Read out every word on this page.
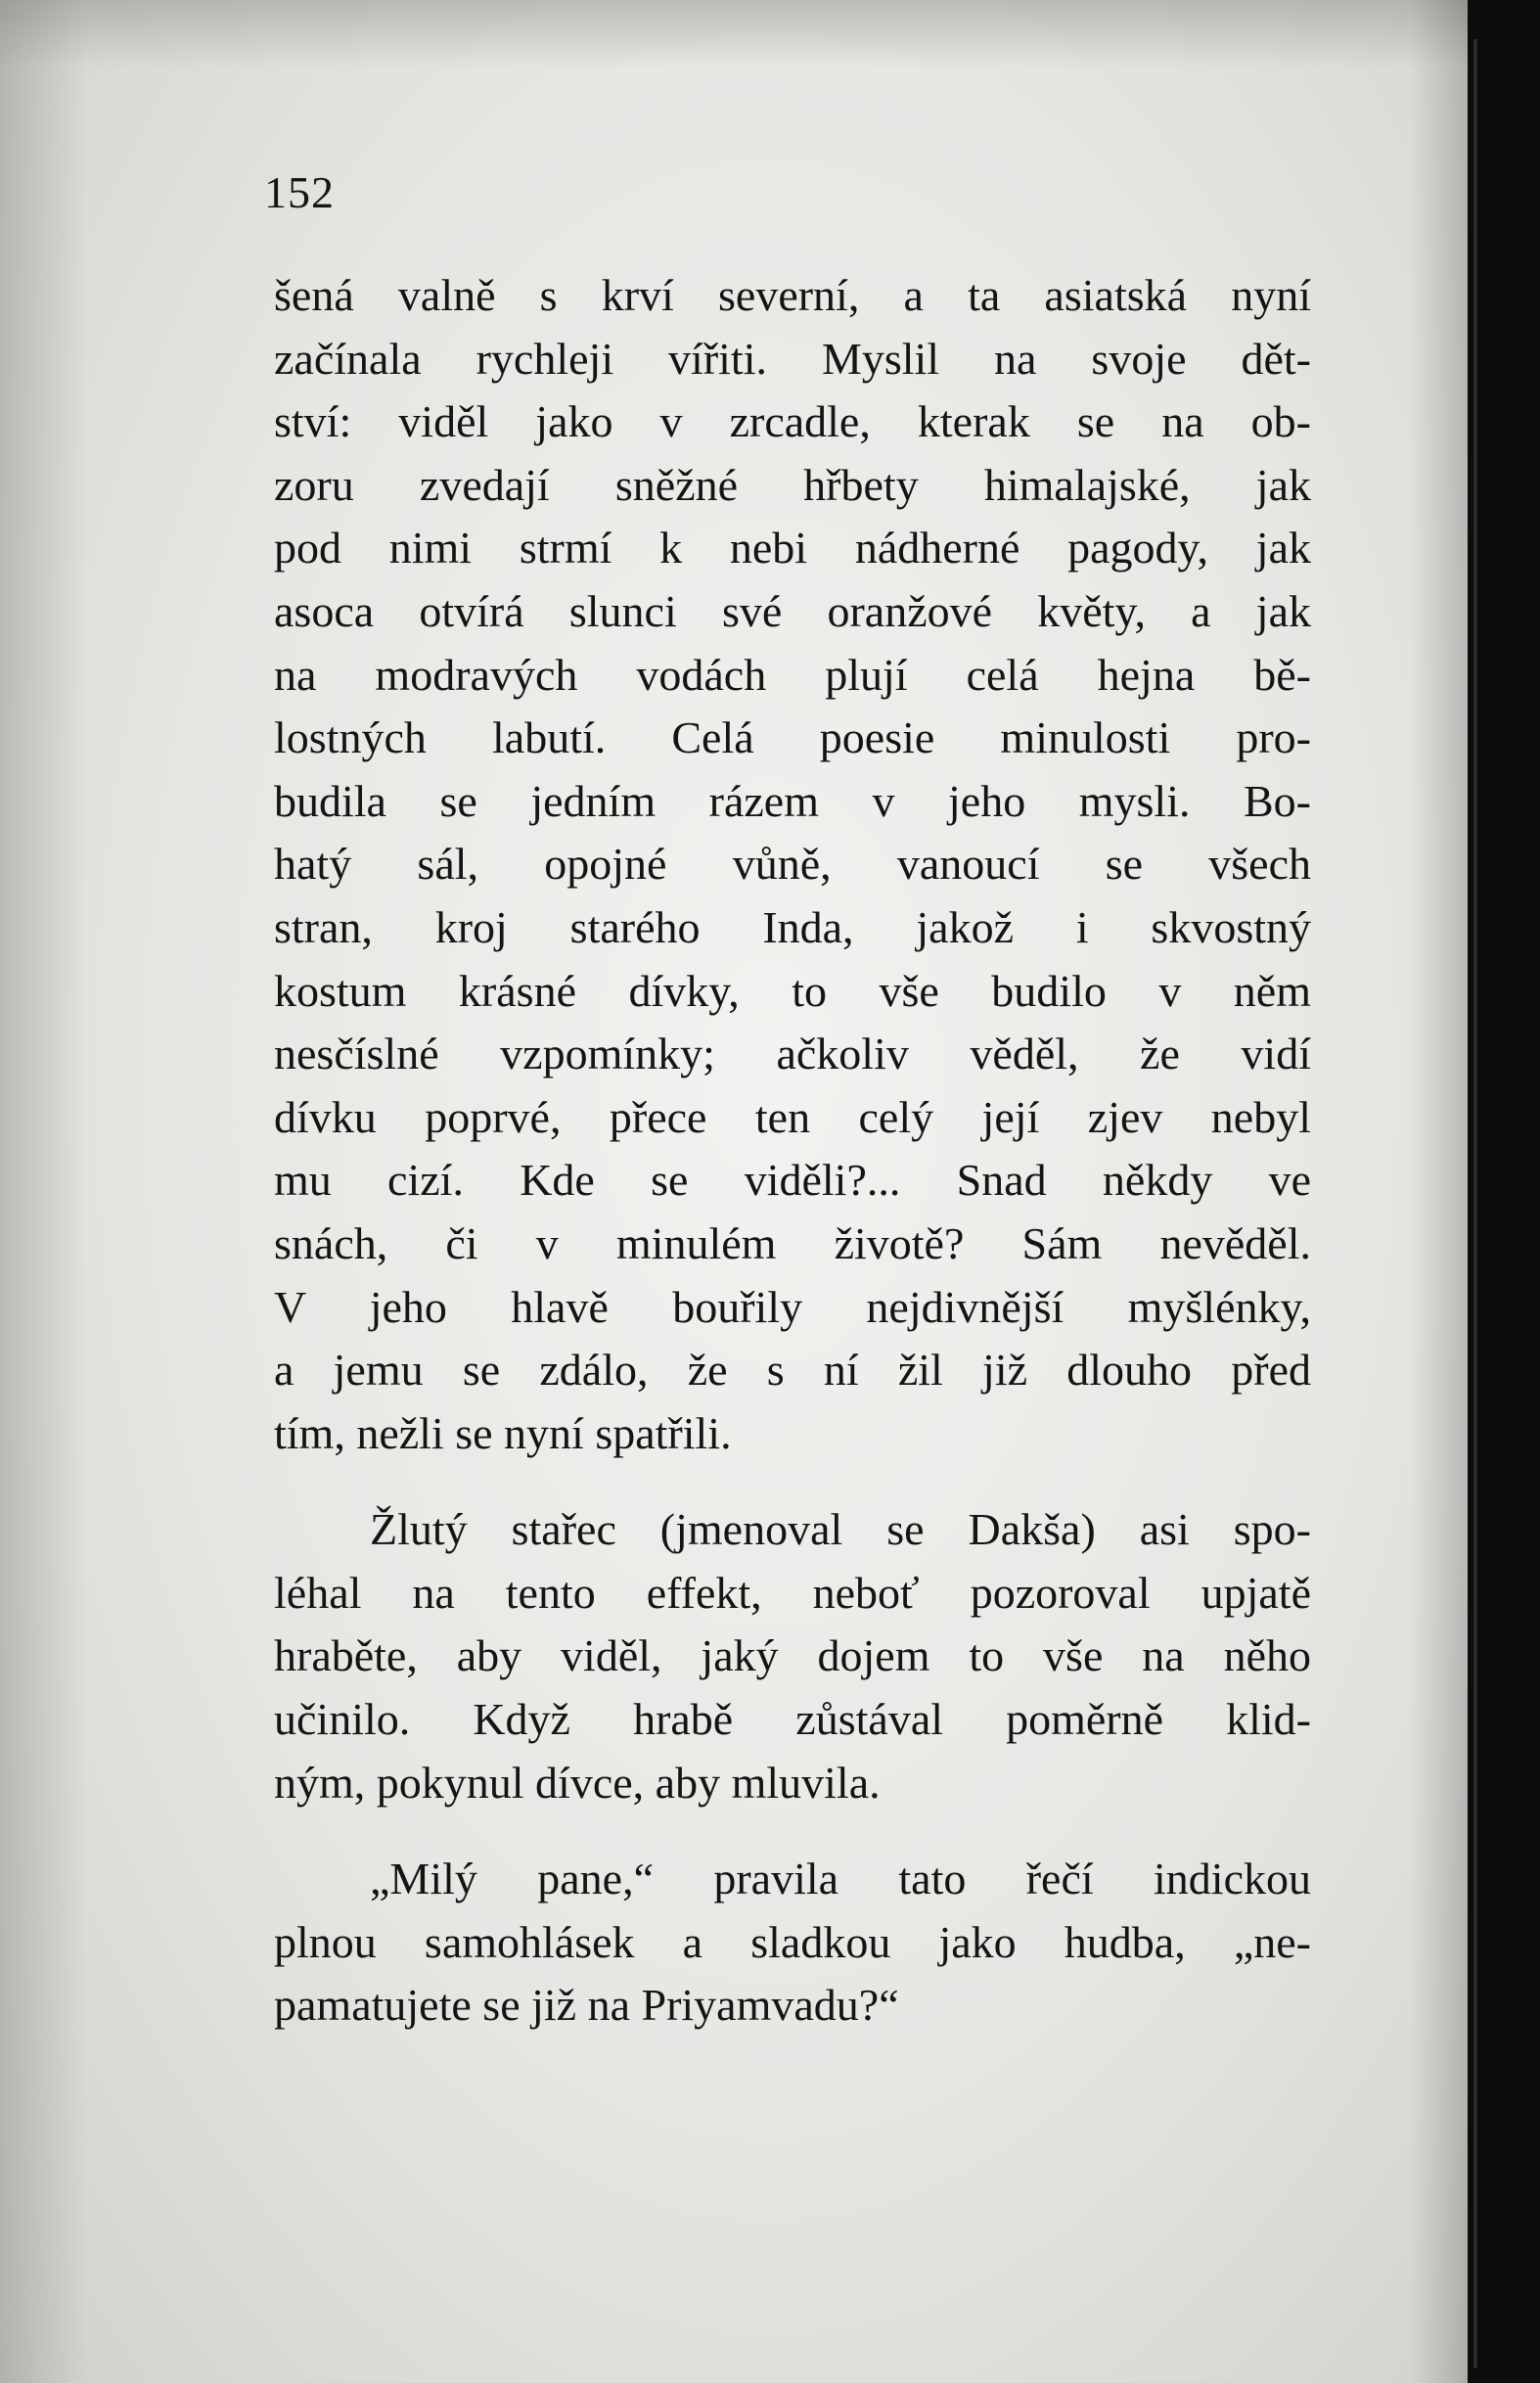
152

šená valně s krví severní, a ta asiatská nyní
začínala rychleji vířiti. Myslil na svoje dět-
ství: viděl jako v zrcadle, kterak se na ob-
zoru zvedají sněžné hřbety himalajské, jak
pod nimi strmí k nebi nádherné pagody, jak
asoca otvírá slunci své oranžové květy, a jak
na modravých vodách plují celá hejna bě-
lostných labutí. Celá poesie minulosti pro-
budila se jedním rázem v jeho mysli. Bo-
hatý sál, opojné vůně, vanoucí se všech
stran, kroj starého Inda, jakož i skvostný
kostum krásné dívky, to vše budilo v něm
nesčíslné vzpomínky; ačkoliv věděl, že vidí
dívku poprvé, přece ten celý její zjev nebyl
mu cizí. Kde se viděli?... Snad někdy ve
snách, či v minulém životě? Sám nevěděl.
V jeho hlavě bouřily nejdivnější myšlénky,
a jemu se zdálo, že s ní žil již dlouho před
tím, nežli se nyní spatřili.

Žlutý stařec (jmenoval se Dakša) asi spo-
léhal na tento effekt, neboť pozoroval upjatě
hraběte, aby viděl, jaký dojem to vše na něho
učinilo. Když hrabě zůstával poměrně klid-
ným, pokynul dívce, aby mluvila.

„Milý pane,“ pravila tato řečí indickou
plnou samohlásek a sladkou jako hudba, „ne-
pamatujete se již na Priyamvadu?“
